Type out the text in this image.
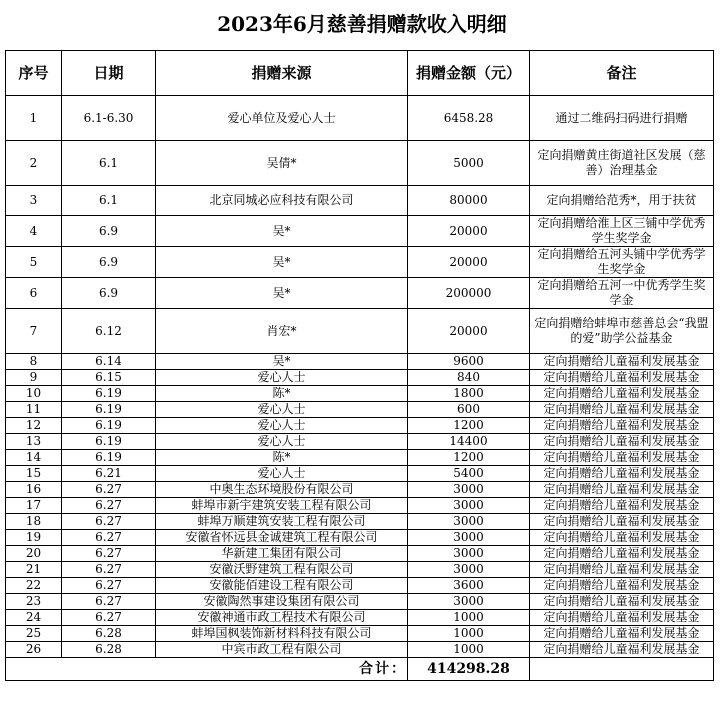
2023年6月慈善捐赠款收入明细
序号	日期	捐赠来源	捐赠金额（元）	备注
1	6.1-6.30	爱心单位及爱心人士	6458.28	通过二维码扫码进行捐赠
2	6.1	吴倩*	5000	定向捐赠黄庄街道社区发展（慈善）治理基金
3	6.1	北京同城必应科技有限公司	80000	定向捐赠给范秀*，用于扶贫
4	6.9	吴*	20000	定向捐赠给淮上区三铺中学优秀学生奖学金
5	6.9	吴*	20000	定向捐赠给五河头铺中学优秀学生奖学金
6	6.9	吴*	200000	定向捐赠给五河一中优秀学生奖学金
7	6.12	肖宏*	20000	定向捐赠给蚌埠市慈善总会“我盟的爱”助学公益基金
8	6.14	吴*	9600	定向捐赠给儿童福利发展基金
9	6.15	爱心人士	840	定向捐赠给儿童福利发展基金
10	6.19	陈*	1800	定向捐赠给儿童福利发展基金
11	6.19	爱心人士	600	定向捐赠给儿童福利发展基金
12	6.19	爱心人士	1200	定向捐赠给儿童福利发展基金
13	6.19	爱心人士	14400	定向捐赠给儿童福利发展基金
14	6.19	陈*	1200	定向捐赠给儿童福利发展基金
15	6.21	爱心人士	5400	定向捐赠给儿童福利发展基金
16	6.27	中奥生态环境股份有限公司	3000	定向捐赠给儿童福利发展基金
17	6.27	蚌埠市新宇建筑安装工程有限公司	3000	定向捐赠给儿童福利发展基金
18	6.27	蚌埠万顺建筑安装工程有限公司	3000	定向捐赠给儿童福利发展基金
19	6.27	安徽省怀远县金诚建筑工程有限公司	3000	定向捐赠给儿童福利发展基金
20	6.27	华新建工集团有限公司	3000	定向捐赠给儿童福利发展基金
21	6.27	安徽沃野建筑工程有限公司	3000	定向捐赠给儿童福利发展基金
22	6.27	安徽能佰建设工程有限公司	3600	定向捐赠给儿童福利发展基金
23	6.27	安徽陶然事建设集团有限公司	3000	定向捐赠给儿童福利发展基金
24	6.27	安徽神通市政工程技术有限公司	1000	定向捐赠给儿童福利发展基金
25	6.28	蚌埠国枫装饰新材料科技有限公司	1000	定向捐赠给儿童福利发展基金
26	6.28	中宾市政工程有限公司	1000	定向捐赠给儿童福利发展基金
合计：			414298.28	
